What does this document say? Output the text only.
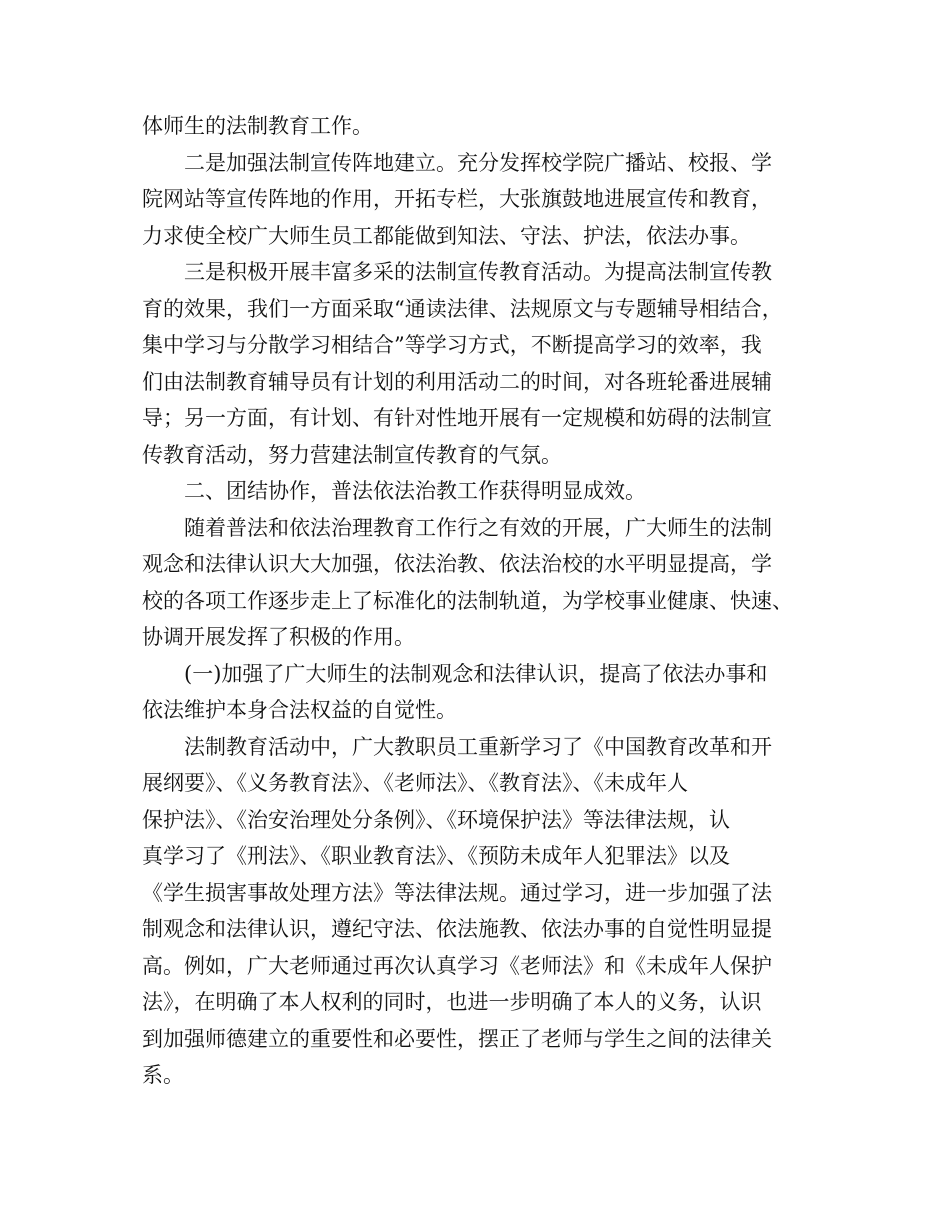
体师生的法制教育工作。

　　二是加强法制宣传阵地建立。充分发挥校学院广播站、校报、学

院网站等宣传阵地的作用，开拓专栏，大张旗鼓地进展宣传和教育，

力求使全校广大师生员工都能做到知法、守法、护法，依法办事。

　　三是积极开展丰富多采的法制宣传教育活动。为提高法制宣传教

育的效果，我们一方面采取“通读法律、法规原文与专题辅导相结合，

集中学习与分散学习相结合”等学习方式，不断提高学习的效率，我

们由法制教育辅导员有计划的利用活动二的时间，对各班轮番进展辅

导；另一方面，有计划、有针对性地开展有一定规模和妨碍的法制宣

传教育活动，努力营建法制宣传教育的气氛。

　　二、团结协作，普法依法治教工作获得明显成效。

　　随着普法和依法治理教育工作行之有效的开展，广大师生的法制

观念和法律认识大大加强，依法治教、依法治校的水平明显提高，学

校的各项工作逐步走上了标准化的法制轨道，为学校事业健康、快速、

协调开展发挥了积极的作用。

　　(一)加强了广大师生的法制观念和法律认识，提高了依法办事和

依法维护本身合法权益的自觉性。

　　法制教育活动中，广大教职员工重新学习了《中国教育改革和开

展纲要》、《义务教育法》、《老师法》、《教育法》、《未成年人

保护法》、《治安治理处分条例》、《环境保护法》等法律法规，认

真学习了《刑法》、《职业教育法》、《预防未成年人犯罪法》以及

《学生损害事故处理方法》等法律法规。通过学习，进一步加强了法

制观念和法律认识，遵纪守法、依法施教、依法办事的自觉性明显提

高。例如，广大老师通过再次认真学习《老师法》和《未成年人保护

法》，在明确了本人权利的同时，也进一步明确了本人的义务，认识

到加强师德建立的重要性和必要性，摆正了老师与学生之间的法律关

系。
